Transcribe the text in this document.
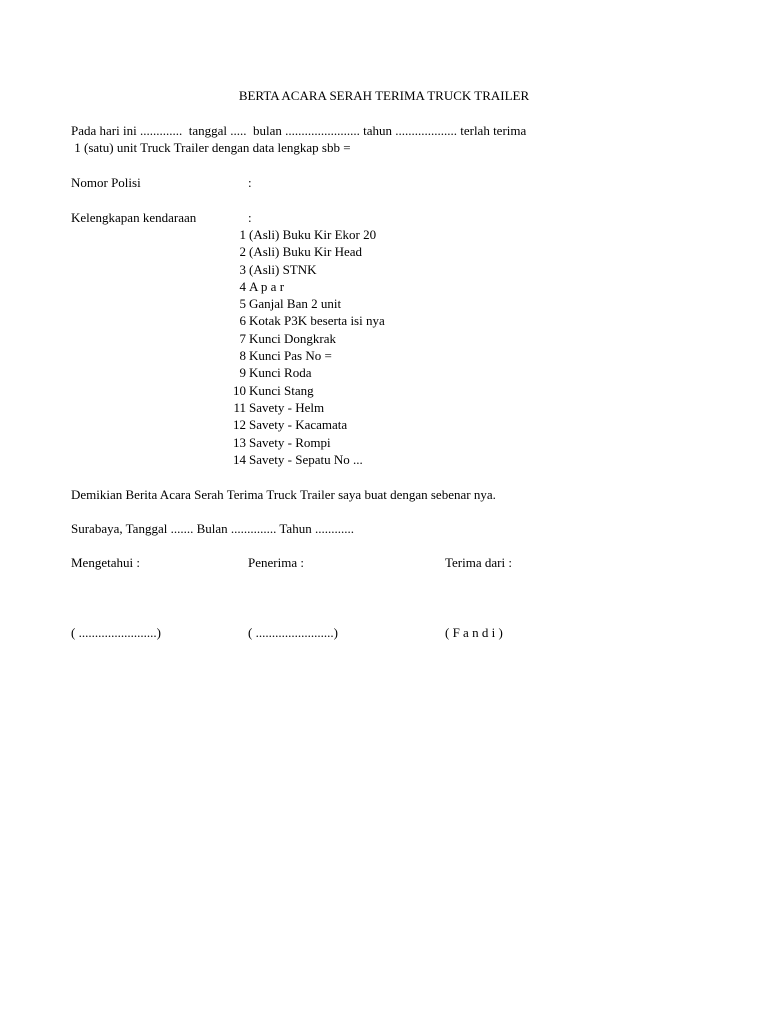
BERTA ACARA SERAH TERIMA TRUCK TRAILER
Pada hari ini .............  tanggal .....  bulan ....................... tahun ................... terlah terima
1 (satu) unit Truck Trailer dengan data lengkap sbb =
Nomor Polisi	:
Kelengkapan kendaraan	:
1 (Asli) Buku Kir Ekor 20
2 (Asli) Buku Kir Head
3 (Asli) STNK
4 A p a r
5 Ganjal Ban 2 unit
6 Kotak P3K beserta isi nya
7 Kunci Dongkrak
8 Kunci Pas No =
9 Kunci Roda
10 Kunci Stang
11 Savety - Helm
12 Savety - Kacamata
13 Savety - Rompi
14 Savety - Sepatu No ...
Demikian Berita Acara Serah Terima Truck Trailer saya buat dengan sebenar nya.
Surabaya, Tanggal ....... Bulan .............. Tahun ............
Mengetahui :	Penerima :	Terima dari :
( ........................)	( ........................)	( F a n d i )
